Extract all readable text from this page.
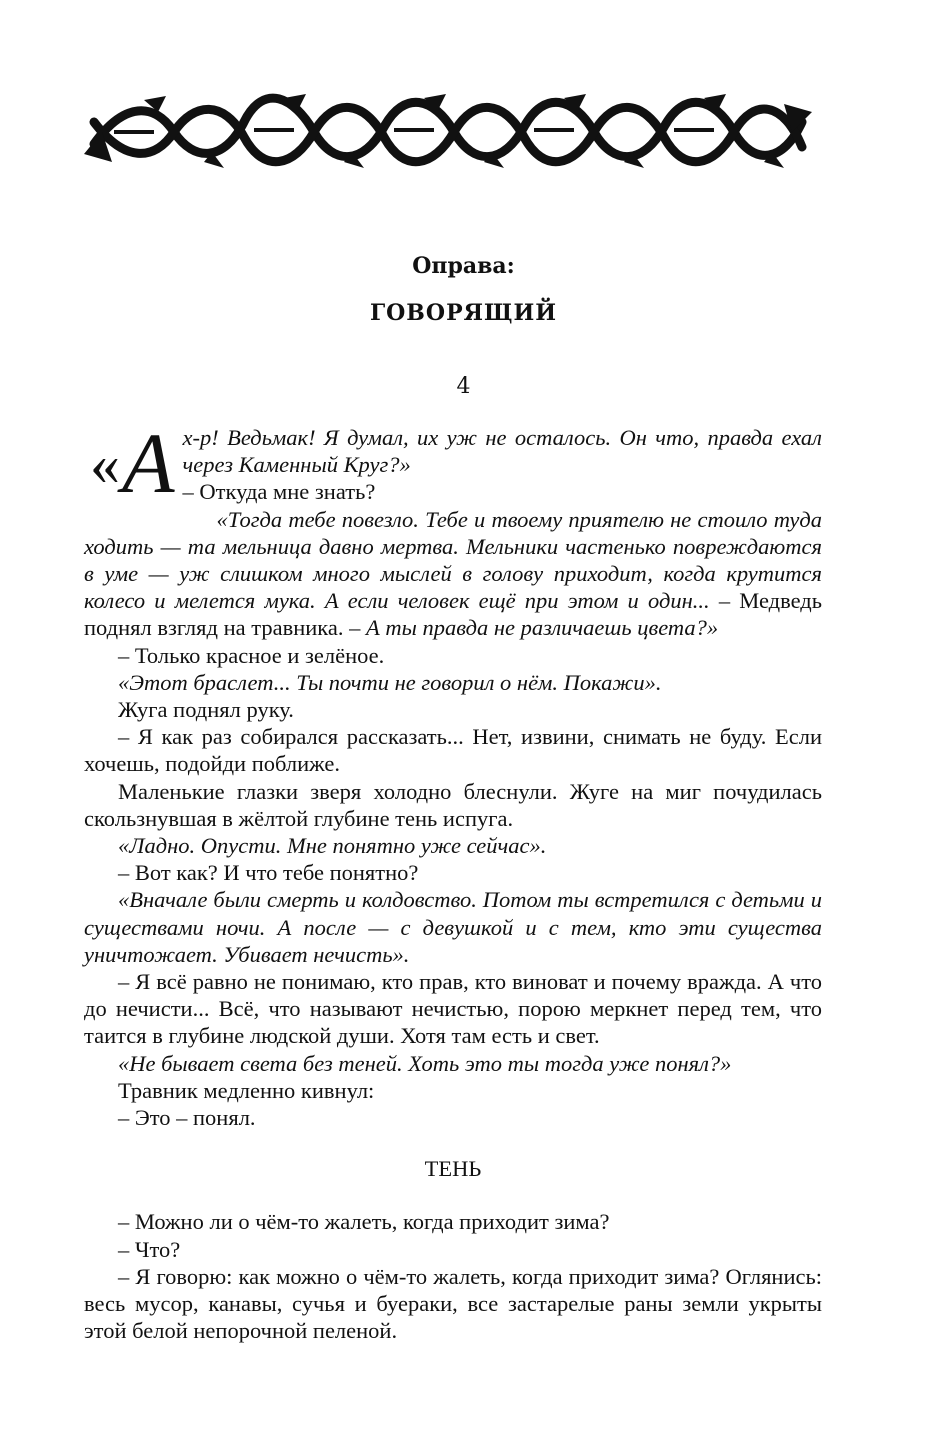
Оправа:
ГОВОРЯЩИЙ
4

«А х-р! Ведьмак! Я думал, их уж не осталось. Он что, правда ехал через Каменный Круг?»

– Откуда мне знать?

«Тогда тебе повезло. Тебе и твоему приятелю не стоило туда ходить — та мельница давно мертва. Мельники частенько повреждаются в уме — уж слишком много мыслей в голову приходит, когда крутится колесо и мелется мука. А если человек ещё при этом и один... – Медведь поднял взгляд на травника. – А ты правда не различаешь цвета?»

– Только красное и зелёное.

«Этот браслет... Ты почти не говорил о нём. Покажи».

Жуга поднял руку.

– Я как раз собирался рассказать... Нет, извини, снимать не буду. Если хочешь, подойди поближе.

Маленькие глазки зверя холодно блеснули. Жуге на миг почудилась скользнувшая в жёлтой глубине тень испуга.

«Ладно. Опусти. Мне понятно уже сейчас».

– Вот как? И что тебе понятно?

«Вначале были смерть и колдовство. Потом ты встретился с детьми и существами ночи. А после — с девушкой и с тем, кто эти существа уничтожает. Убивает нечисть».

– Я всё равно не понимаю, кто прав, кто виноват и почему вражда. А что до нечисти... Всё, что называют нечистью, порою меркнет перед тем, что таится в глубине людской души. Хотя там есть и свет.

«Не бывает света без теней. Хоть это ты тогда уже понял?»

Травник медленно кивнул:

– Это – понял.

ТЕНЬ

– Можно ли о чём-то жалеть, когда приходит зима?

– Что?

– Я говорю: как можно о чём-то жалеть, когда приходит зима? Оглянись: весь мусор, канавы, сучья и буераки, все застарелые раны земли укрыты этой белой непорочной пеленой.
